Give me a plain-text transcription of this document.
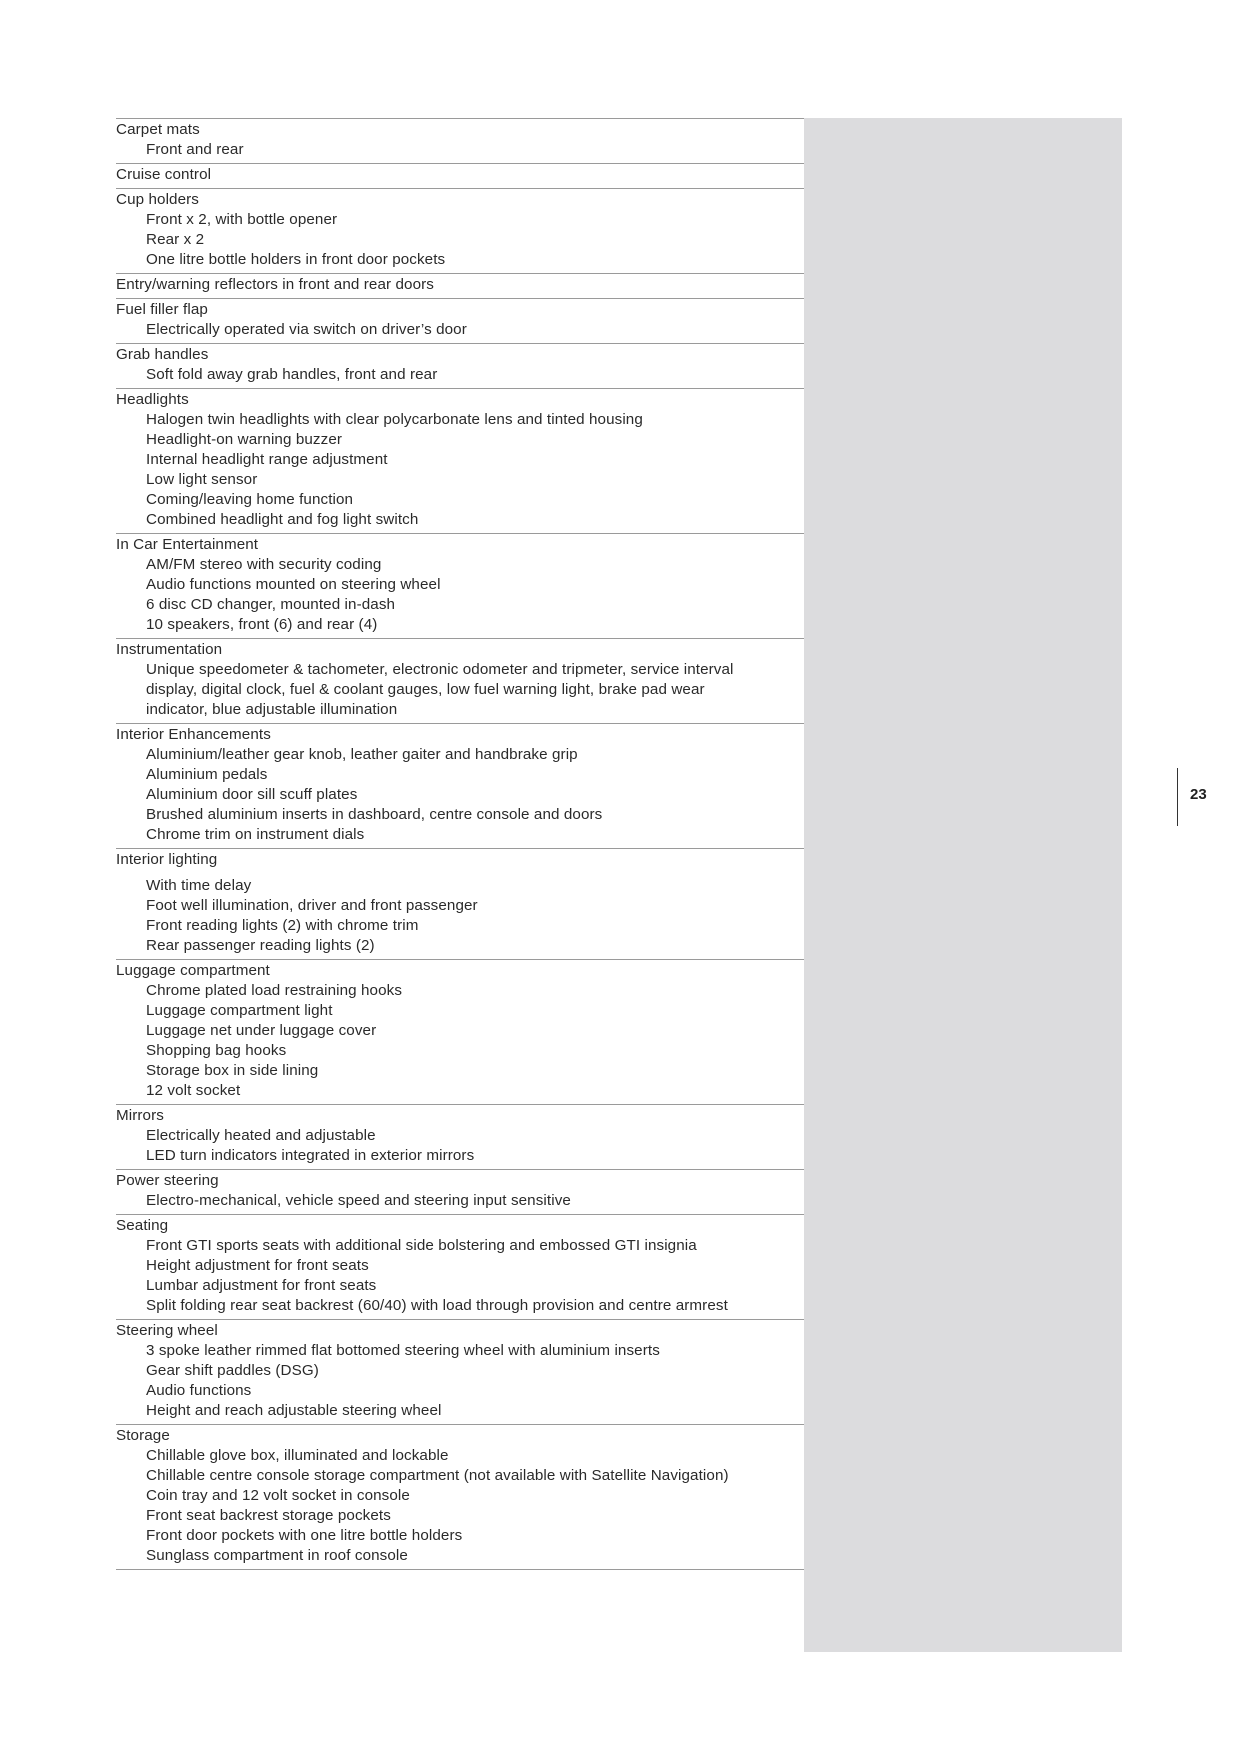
Carpet mats
Front and rear
Cruise control
Cup holders
Front x 2, with bottle opener
Rear x 2
One litre bottle holders in front door pockets
Entry/warning reflectors in front and rear doors
Fuel filler flap
Electrically operated via switch on driver’s door
Grab handles
Soft fold away grab handles, front and rear
Headlights
Halogen twin headlights with clear polycarbonate lens and tinted housing
Headlight-on warning buzzer
Internal headlight range adjustment
Low light sensor
Coming/leaving home function
Combined headlight and fog light switch
In Car Entertainment
AM/FM stereo with security coding
Audio functions mounted on steering wheel
6 disc CD changer, mounted in-dash
10 speakers, front (6) and rear (4)
Instrumentation
Unique speedometer & tachometer, electronic odometer and tripmeter, service interval
display, digital clock, fuel & coolant gauges, low fuel warning light, brake pad wear
indicator, blue adjustable illumination
Interior Enhancements
Aluminium/leather gear knob, leather gaiter and handbrake grip
Aluminium pedals
Aluminium door sill scuff plates
Brushed aluminium inserts in dashboard, centre console and doors
Chrome trim on instrument dials
Interior lighting
With time delay
Foot well illumination, driver and front passenger
Front reading lights (2) with chrome trim
Rear passenger reading lights (2)
Luggage compartment
Chrome plated load restraining hooks
Luggage compartment light
Luggage net under luggage cover
Shopping bag hooks
Storage box in side lining
12 volt socket
Mirrors
Electrically heated and adjustable
LED turn indicators integrated in exterior mirrors
Power steering
Electro-mechanical, vehicle speed and steering input sensitive
Seating
Front GTI sports seats with additional side bolstering and embossed GTI insignia
Height adjustment for front seats
Lumbar adjustment for front seats
Split folding rear seat backrest (60/40) with load through provision and centre armrest
Steering wheel
3 spoke leather rimmed flat bottomed steering wheel with aluminium inserts
Gear shift paddles (DSG)
Audio functions
Height and reach adjustable steering wheel
Storage
Chillable glove box, illuminated and lockable
Chillable centre console storage compartment (not available with Satellite Navigation)
Coin tray and 12 volt socket in console
Front seat backrest storage pockets
Front door pockets with one litre bottle holders
Sunglass compartment in roof console
23
